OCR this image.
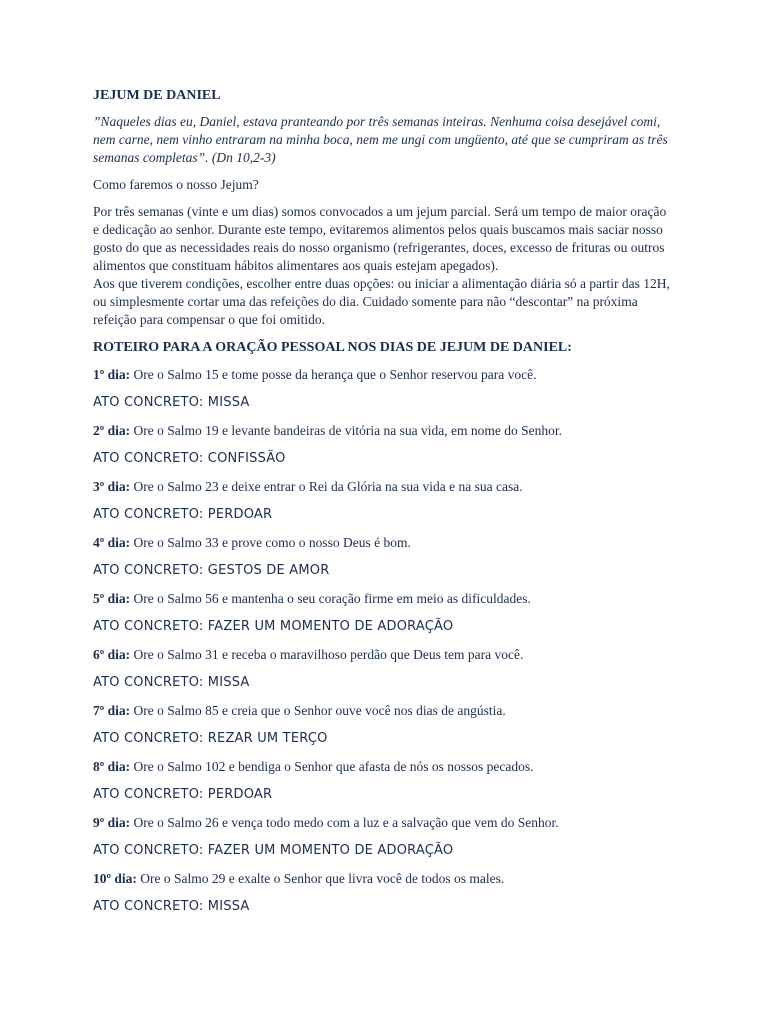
JEJUM DE DANIEL
”Naqueles dias eu, Daniel, estava pranteando por três semanas inteiras. Nenhuma coisa desejável comi, nem carne, nem vinho entraram na minha boca, nem me ungi com ungüento, até que se cumpriram as três semanas completas”. (Dn 10,2-3)
Como faremos o nosso Jejum?
Por três semanas (vinte e um dias) somos convocados a um jejum parcial. Será um tempo de maior oração e dedicação ao senhor. Durante este tempo, evitaremos alimentos pelos quais buscamos mais saciar nosso gosto do que as necessidades reais do nosso organismo (refrigerantes, doces, excesso de frituras ou outros alimentos que constituam hábitos alimentares aos quais estejam apegados).
Aos que tiverem condições, escolher entre duas opções: ou iniciar a alimentação diária só a partir das 12H, ou simplesmente cortar uma das refeições do dia. Cuidado somente para não “descontar” na próxima refeição para compensar o que foi omitido.
ROTEIRO PARA A ORAÇÃO PESSOAL NOS DIAS DE JEJUM DE DANIEL:
1º dia: Ore o Salmo 15 e tome posse da herança que o Senhor reservou para você.
ATO CONCRETO: MISSA
2º dia: Ore o Salmo 19 e levante bandeiras de vitória na sua vida, em nome do Senhor.
ATO CONCRETO: CONFISSÃO
3º dia: Ore o Salmo 23 e deixe entrar o Rei da Glória na sua vida e na sua casa.
ATO CONCRETO: PERDOAR
4º dia: Ore o Salmo 33 e prove como o nosso Deus é bom.
ATO CONCRETO: GESTOS DE AMOR
5º dia: Ore o Salmo 56 e mantenha o seu coração firme em meio as dificuldades.
ATO CONCRETO: FAZER UM MOMENTO DE ADORAÇÃO
6º dia: Ore o Salmo 31 e receba o maravilhoso perdão que Deus tem para você.
ATO CONCRETO: MISSA
7º dia: Ore o Salmo 85 e creia que o Senhor ouve você nos dias de angústia.
ATO CONCRETO: REZAR UM TERÇO
8º dia: Ore o Salmo 102 e bendiga o Senhor que afasta de nós os nossos pecados.
ATO CONCRETO: PERDOAR
9º dia: Ore o Salmo 26 e vença todo medo com a luz e a salvação que vem do Senhor.
ATO CONCRETO: FAZER UM MOMENTO DE ADORAÇÃO
10º dia: Ore o Salmo 29 e exalte o Senhor que livra você de todos os males.
ATO CONCRETO: MISSA
